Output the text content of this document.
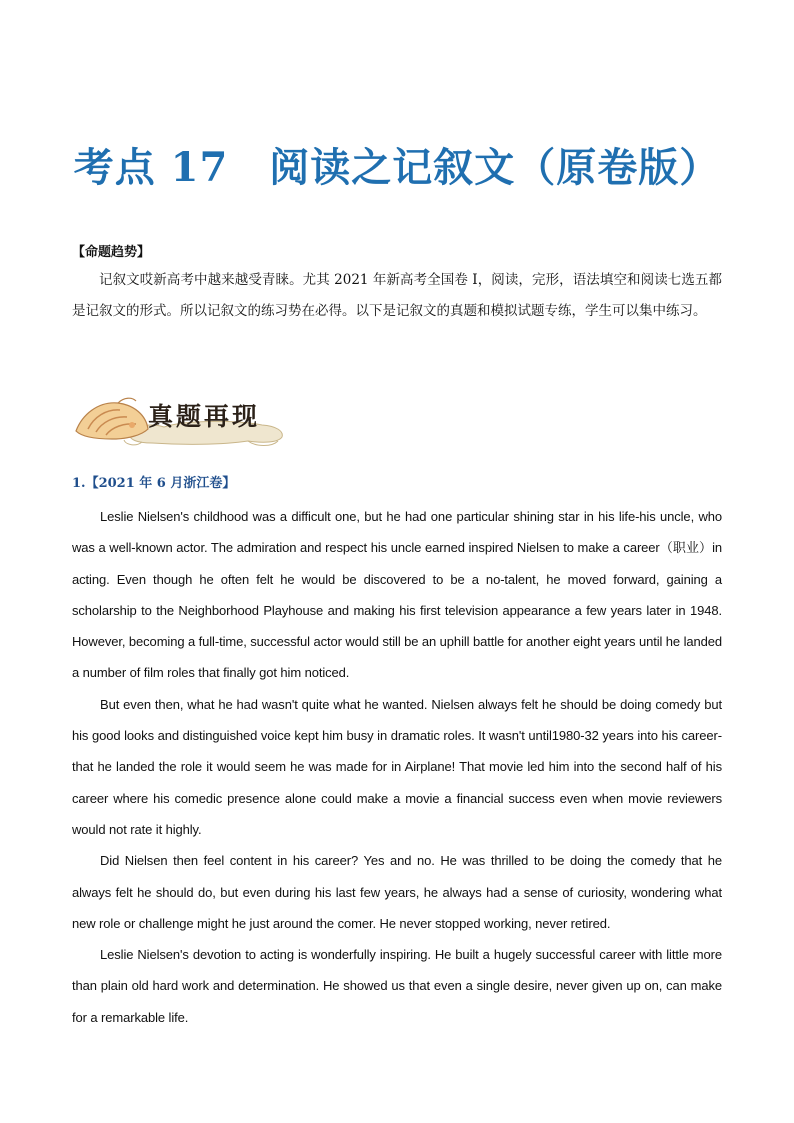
考点 17　阅读之记叙文（原卷版）
【命题趋势】

记叙文哎新高考中越来越受青睐。尤其 2021 年新高考全国卷 I，阅读，完形，语法填空和阅读七选五都是记叙文的形式。所以记叙文的练习势在必得。以下是记叙文的真题和模拟试题专练，学生可以集中练习。

真题再现
1.【2021 年 6 月浙江卷】

Leslie Nielsen's childhood was a difficult one, but he had one particular shining star in his life-his uncle, who was a well-known actor. The admiration and respect his uncle earned inspired Nielsen to make a career（职业）in acting. Even though he often felt he would be discovered to be a no-talent, he moved forward, gaining a scholarship to the Neighborhood Playhouse and making his first television appearance a few years later in 1948. However, becoming a full-time, successful actor would still be an uphill battle for another eight years until he landed a number of film roles that finally got him noticed.

But even then, what he had wasn't quite what he wanted. Nielsen always felt he should be doing comedy but his good looks and distinguished voice kept him busy in dramatic roles. It wasn't until1980-32 years into his career-that he landed the role it would seem he was made for in Airplane! That movie led him into the second half of his career where his comedic presence alone could make a movie a financial success even when movie reviewers would not rate it highly.

Did Nielsen then feel content in his career? Yes and no. He was thrilled to be doing the comedy that he always felt he should do, but even during his last few years, he always had a sense of curiosity, wondering what new role or challenge might he just around the comer. He never stopped working, never retired.

Leslie Nielsen's devotion to acting is wonderfully inspiring. He built a hugely successful career with little more than plain old hard work and determination. He showed us that even a single desire, never given up on, can make for a remarkable life.
